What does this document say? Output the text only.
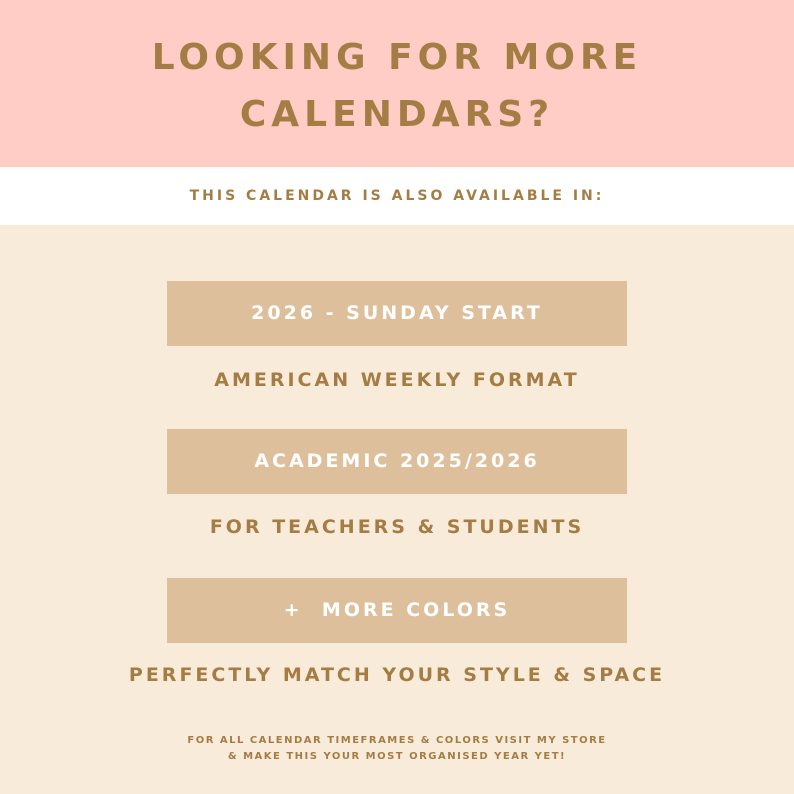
LOOKING FOR MORE
CALENDARS?
THIS CALENDAR IS ALSO AVAILABLE IN:
2026 - SUNDAY START
AMERICAN WEEKLY FORMAT
ACADEMIC 2025/2026
FOR TEACHERS & STUDENTS
+  MORE COLORS
PERFECTLY MATCH YOUR STYLE & SPACE
FOR ALL CALENDAR TIMEFRAMES & COLORS VISIT MY STORE
& MAKE THIS YOUR MOST ORGANISED YEAR YET!
